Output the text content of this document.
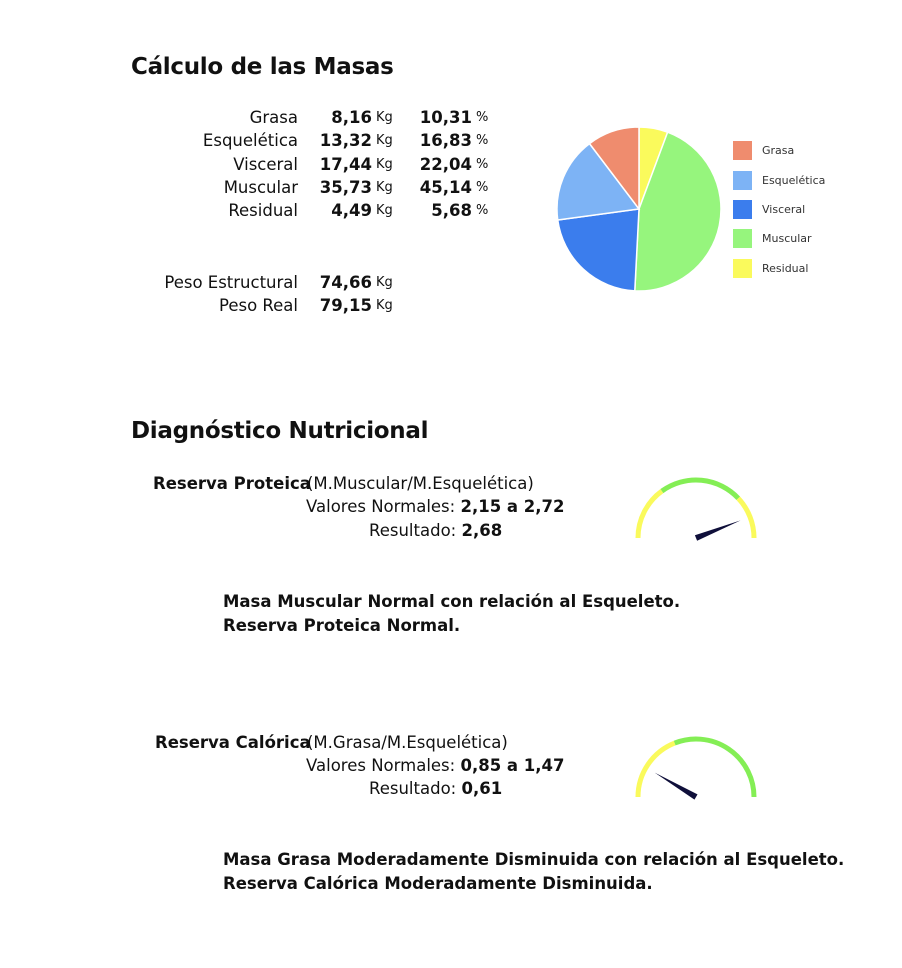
Cálculo de las Masas
Grasa
Esquelética
Visceral
Muscular
Residual
8,16
13,32
17,44
35,73
4,49
Kg
Kg
Kg
Kg
Kg
10,31
16,83
22,04
45,14
5,68
%
%
%
%
%
Peso Estructural	74,66 Kg
Peso Real	79,15 Kg
Grasa
Esquelética
Visceral
Muscular
Residual
Diagnóstico Nutricional
Reserva Proteica
(M.Muscular/M.Esquelética)
Valores Normales: 2,15 a 2,72
Resultado: 2,68
Masa Muscular Normal con relación al Esqueleto.
Reserva Proteica Normal.
Reserva Calórica
(M.Grasa/M.Esquelética)
Valores Normales: 0,85 a 1,47
Resultado: 0,61
Masa Grasa Moderadamente Disminuida con relación al Esqueleto.
Reserva Calórica Moderadamente Disminuida.
